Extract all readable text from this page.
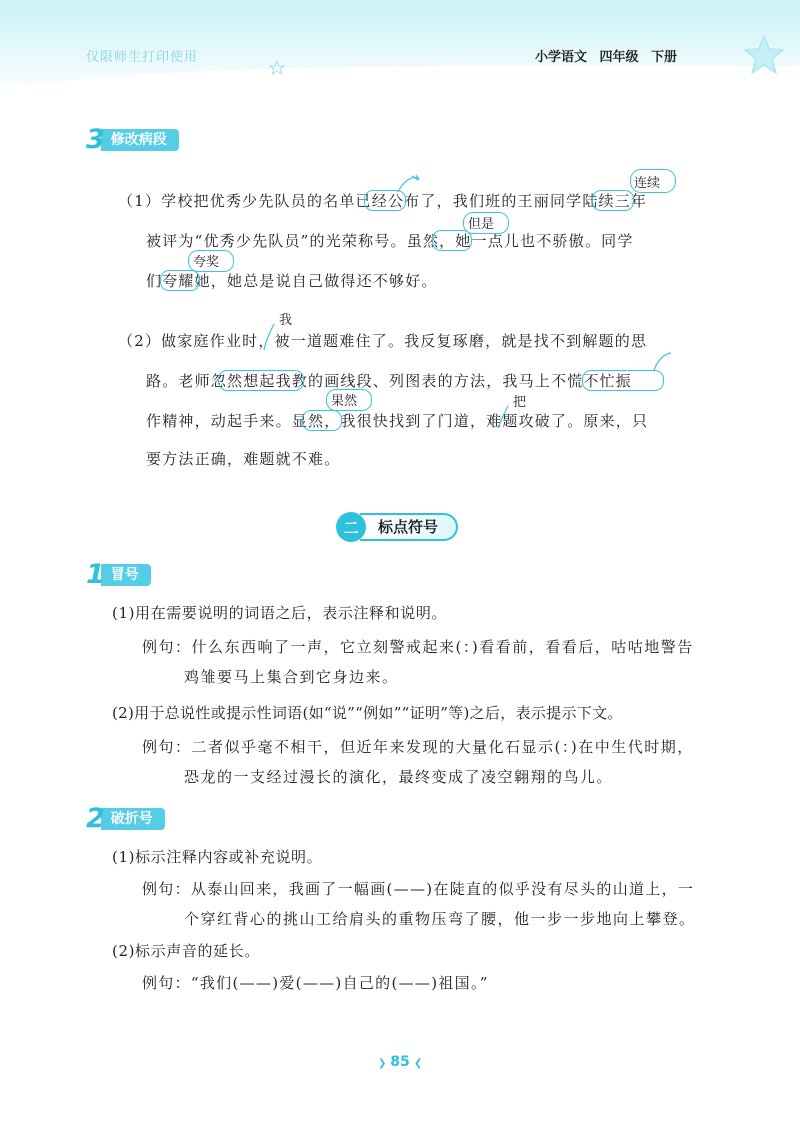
仅限师生打印使用	小学语文 四年级 下册
3 修改病段
（1）学校把优秀少先队员的名单已经公布了，我们班的王丽同学陆续三年
被评为“优秀少先队员”的光荣称号。虽然，她一点儿也不骄傲。同学
们夸耀她，她总是说自己做得还不够好。
连续
但是
夸奖
（2）做家庭作业时，被一道题难住了。我反复琢磨，就是找不到解题的思
路。老师忽然想起我教的画线段、列图表的方法，我马上不慌不忙振
作精神，动起手来。显然，我很快找到了门道，难题攻破了。原来，只
要方法正确，难题就不难。
我
果然	把
二	标点符号
1 冒号
(1)用在需要说明的词语之后，表示注释和说明。
例句：什么东西响了一声，它立刻警戒起来(：)看看前，看看后，咕咕地警告
鸡雏要马上集合到它身边来。
(2)用于总说性或提示性词语(如“说”“例如”“证明”等)之后，表示提示下文。
例句：二者似乎毫不相干，但近年来发现的大量化石显示(：)在中生代时期，
恐龙的一支经过漫长的演化，最终变成了凌空翱翔的鸟儿。
2 破折号
(1)标示注释内容或补充说明。
例句：从泰山回来，我画了一幅画(——)在陡直的似乎没有尽头的山道上，一
个穿红背心的挑山工给肩头的重物压弯了腰，他一步一步地向上攀登。
(2)标示声音的延长。
例句：“我们(——)爱(——)自己的(——)祖国。”
❯ 85 ❮
